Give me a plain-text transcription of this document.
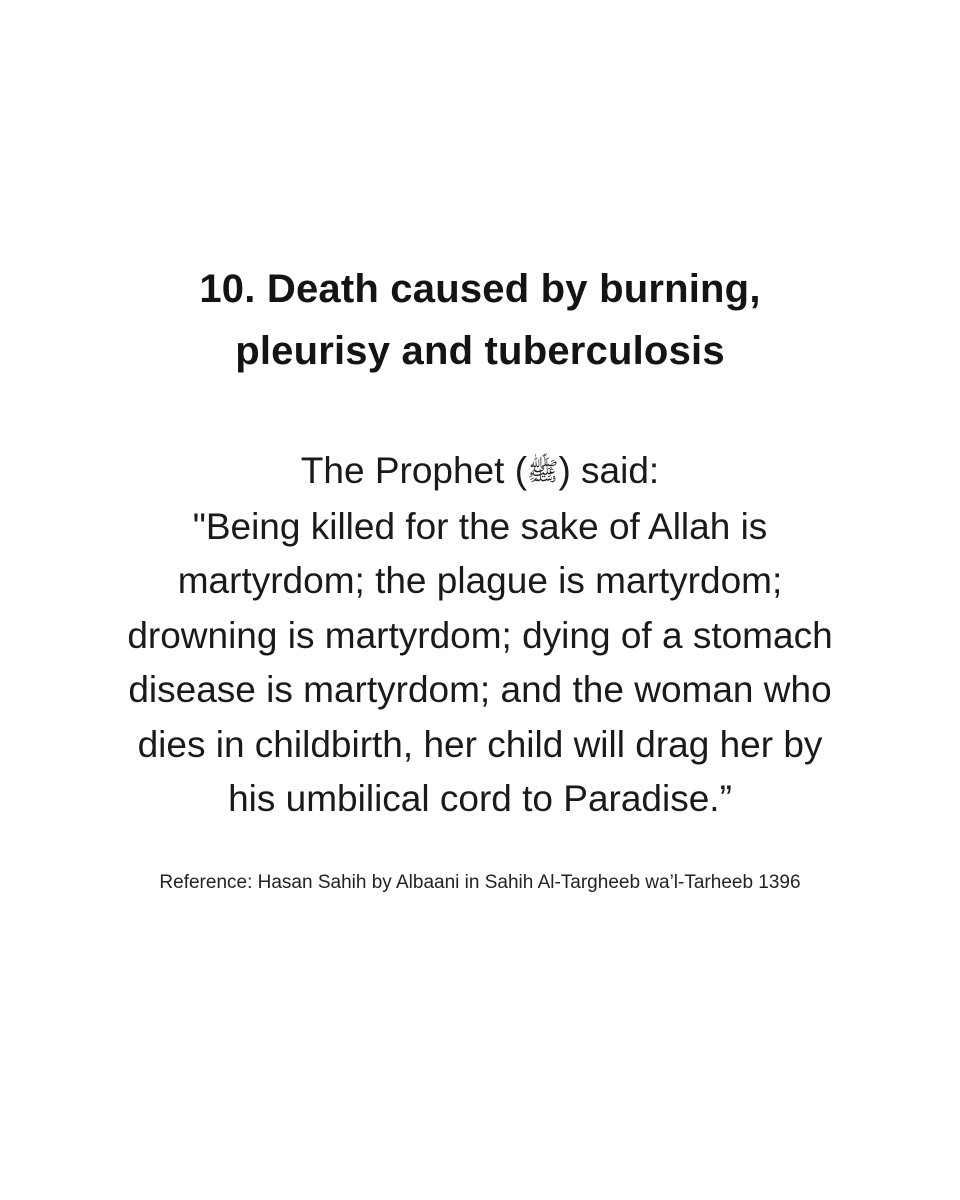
10. Death caused by burning,
pleurisy and tuberculosis

The Prophet (ﷺ) said:
"Being killed for the sake of Allah is
martyrdom; the plague is martyrdom;
drowning is martyrdom; dying of a stomach
disease is martyrdom; and the woman who
dies in childbirth, her child will drag her by
his umbilical cord to Paradise.”

Reference: Hasan Sahih by Albaani in Sahih Al-Targheeb wa’l-Tarheeb 1396
